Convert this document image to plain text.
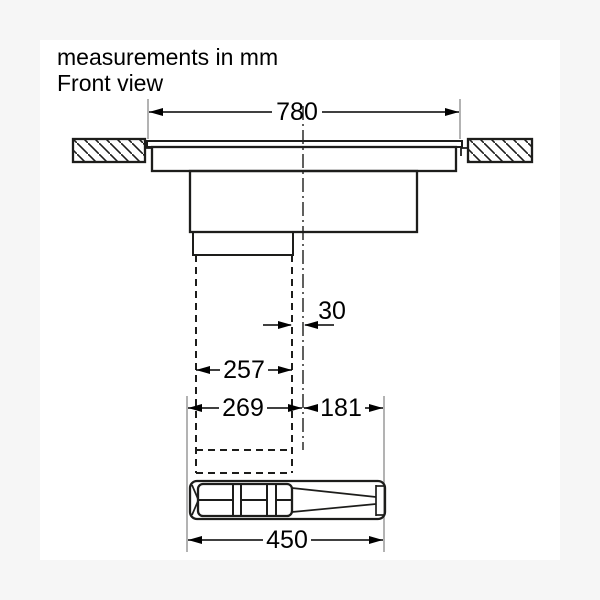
measurements in mm
Front view
780
30
257
269 181
450
